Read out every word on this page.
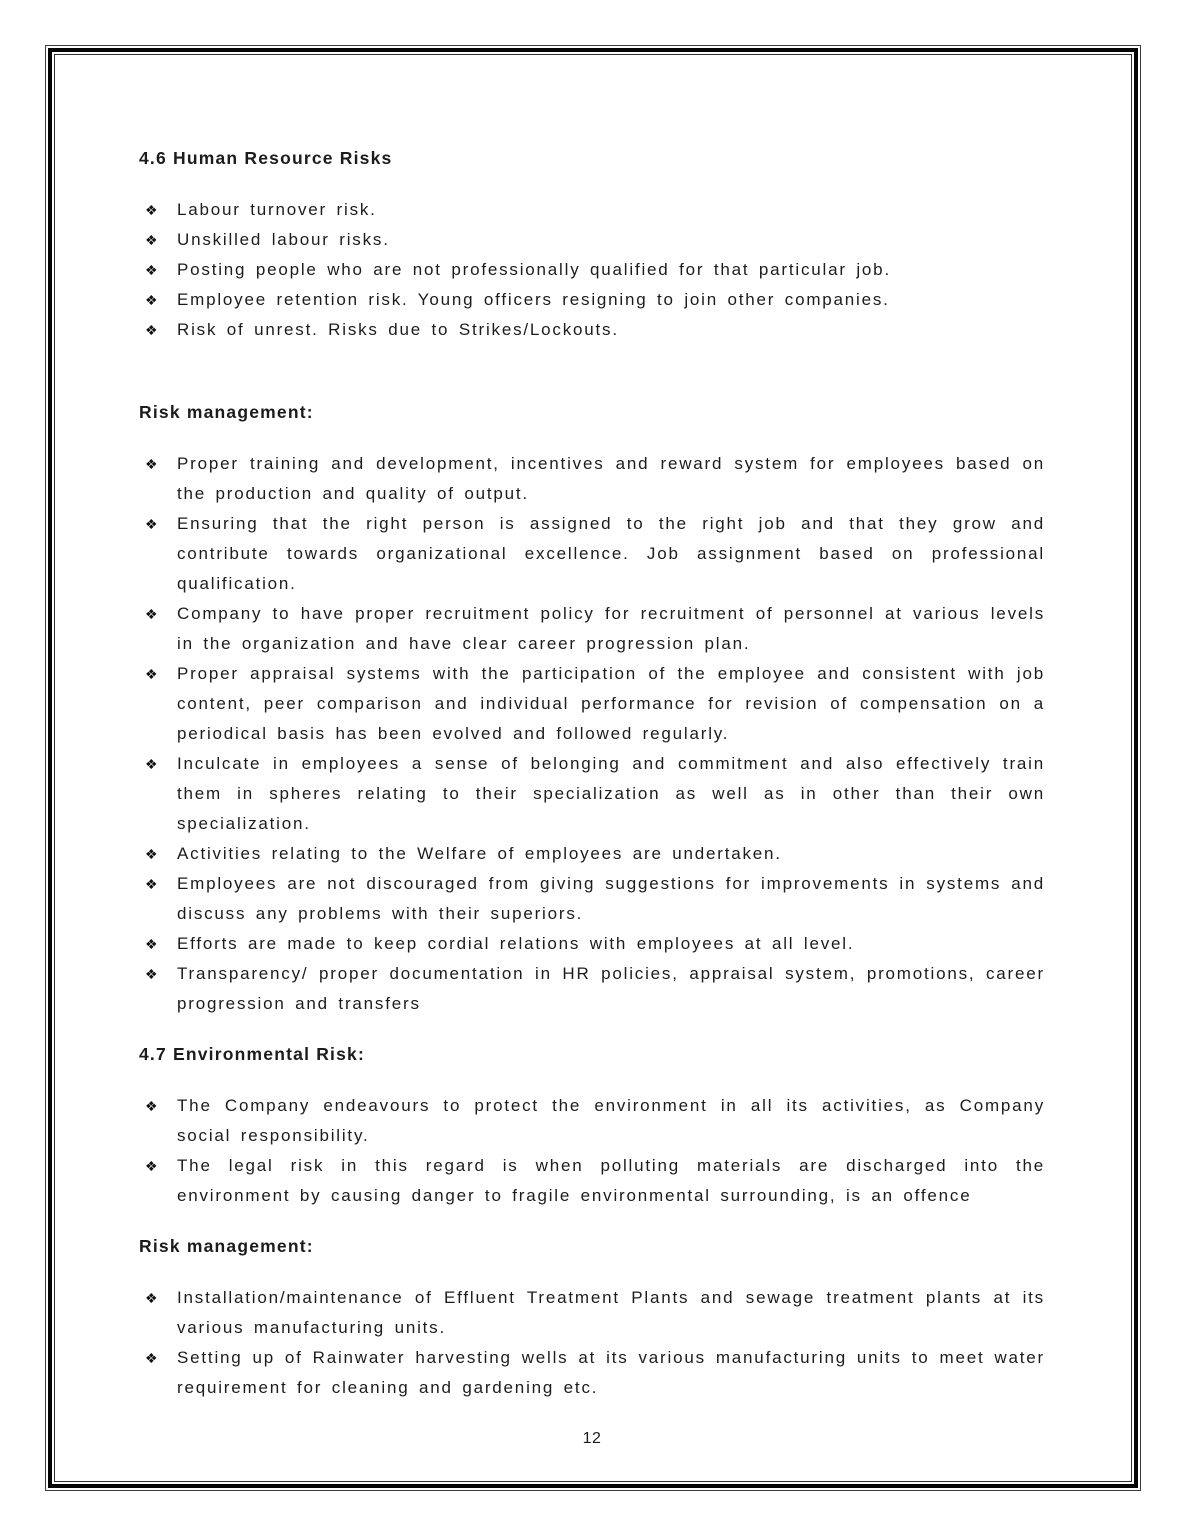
4.6 Human Resource Risks
❖	Labour turnover risk.
❖	Unskilled labour risks.
❖	Posting people who are not professionally qualified for that particular job.
❖	Employee retention risk. Young officers resigning to join other companies.
❖	Risk of unrest. Risks due to Strikes/Lockouts.
Risk management:
❖	Proper training and development, incentives and reward system for employees based on the production and quality of output.
❖	Ensuring that the right person is assigned to the right job and that they grow and contribute towards organizational excellence. Job assignment based on professional qualification.
❖	Company to have proper recruitment policy for recruitment of personnel at various levels in the organization and have clear career progression plan.
❖	Proper appraisal systems with the participation of the employee and consistent with job content, peer comparison and individual performance for revision of compensation on a periodical basis has been evolved and followed regularly.
❖	Inculcate in employees a sense of belonging and commitment and also effectively train them in spheres relating to their specialization as well as in other than their own specialization.
❖	Activities relating to the Welfare of employees are undertaken.
❖	Employees are not discouraged from giving suggestions for improvements in systems and discuss any problems with their superiors.
❖	Efforts are made to keep cordial relations with employees at all level.
❖	Transparency/ proper documentation in HR policies, appraisal system, promotions, career progression and transfers
4.7 Environmental Risk:
❖	The Company endeavours to protect the environment in all its activities, as Company social responsibility.
❖	The legal risk in this regard is when polluting materials are discharged into the environment by causing danger to fragile environmental surrounding, is an offence
Risk management:
❖	Installation/maintenance of Effluent Treatment Plants and sewage treatment plants at its various manufacturing units.
❖	Setting up of Rainwater harvesting wells at its various manufacturing units to meet water requirement for cleaning and gardening etc.
12
